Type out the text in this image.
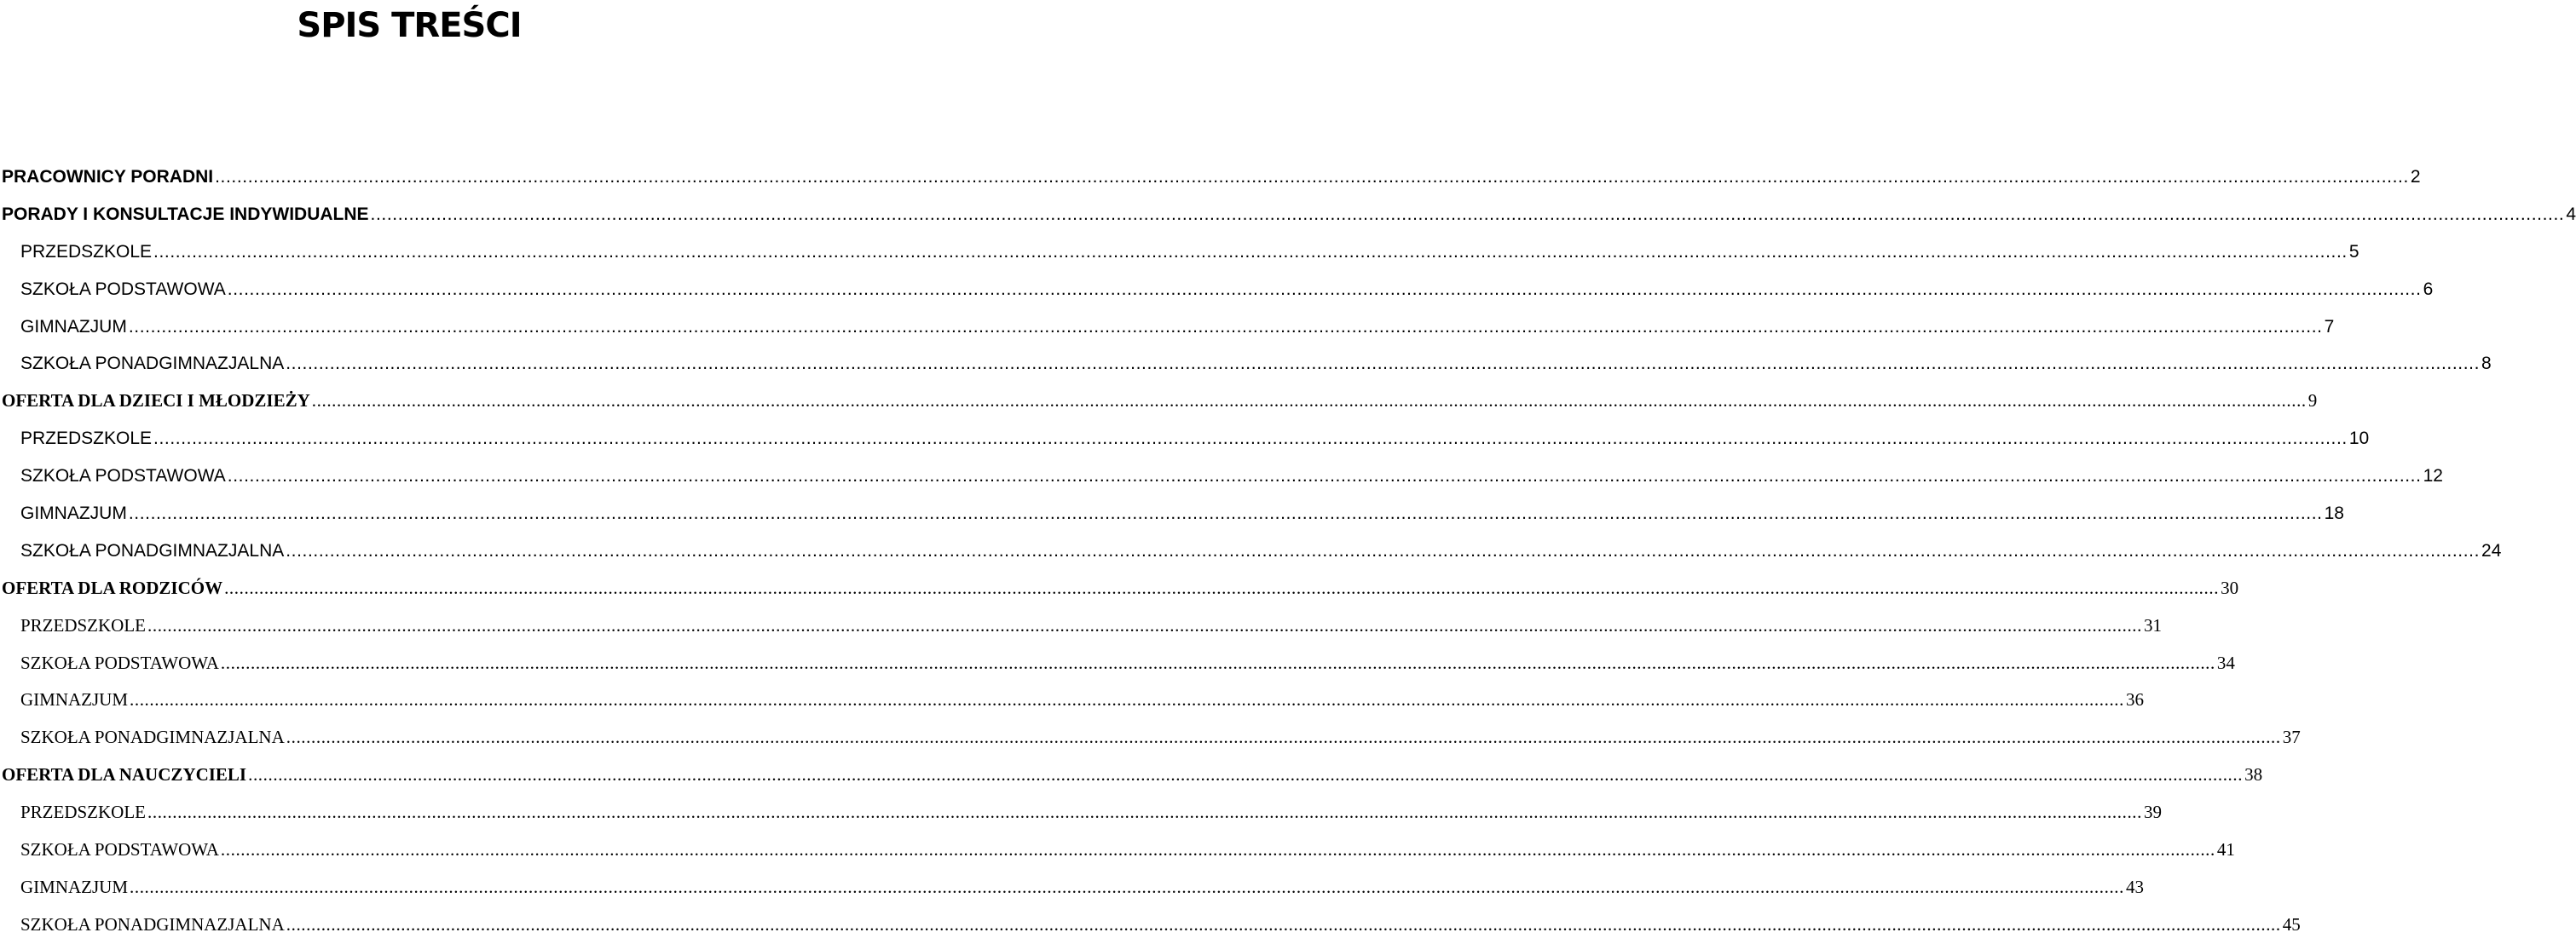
SPIS TREŚCI
PRACOWNICY PORADNI ................................................................................................................................................................................................................................................................................................................................................................................................................ 2
PORADY I KONSULTACJE INDYWIDUALNE ................................................................................................................................................................................................................................................................................................................................................................................................................ 4
PRZEDSZKOLE ................................................................................................................................................................................................................................................................................................................................................................................................................ 5
SZKOŁA PODSTAWOWA ................................................................................................................................................................................................................................................................................................................................................................................................................ 6
GIMNAZJUM ................................................................................................................................................................................................................................................................................................................................................................................................................ 7
SZKOŁA PONADGIMNAZJALNA ................................................................................................................................................................................................................................................................................................................................................................................................................ 8
OFERTA DLA DZIECI I MŁODZIEŻY ................................................................................................................................................................................................................................................................................................................................................................................................................ 9
PRZEDSZKOLE ................................................................................................................................................................................................................................................................................................................................................................................................................ 10
SZKOŁA PODSTAWOWA ................................................................................................................................................................................................................................................................................................................................................................................................................ 12
GIMNAZJUM ................................................................................................................................................................................................................................................................................................................................................................................................................ 18
SZKOŁA PONADGIMNAZJALNA ................................................................................................................................................................................................................................................................................................................................................................................................................ 24
OFERTA DLA RODZICÓW ................................................................................................................................................................................................................................................................................................................................................................................................................ 30
PRZEDSZKOLE ................................................................................................................................................................................................................................................................................................................................................................................................................ 31
SZKOŁA PODSTAWOWA ................................................................................................................................................................................................................................................................................................................................................................................................................ 34
GIMNAZJUM ................................................................................................................................................................................................................................................................................................................................................................................................................ 36
SZKOŁA PONADGIMNAZJALNA ................................................................................................................................................................................................................................................................................................................................................................................................................ 37
OFERTA DLA NAUCZYCIELI ................................................................................................................................................................................................................................................................................................................................................................................................................ 38
PRZEDSZKOLE ................................................................................................................................................................................................................................................................................................................................................................................................................ 39
SZKOŁA PODSTAWOWA ................................................................................................................................................................................................................................................................................................................................................................................................................ 41
GIMNAZJUM ................................................................................................................................................................................................................................................................................................................................................................................................................ 43
SZKOŁA PONADGIMNAZJALNA ................................................................................................................................................................................................................................................................................................................................................................................................................ 45
